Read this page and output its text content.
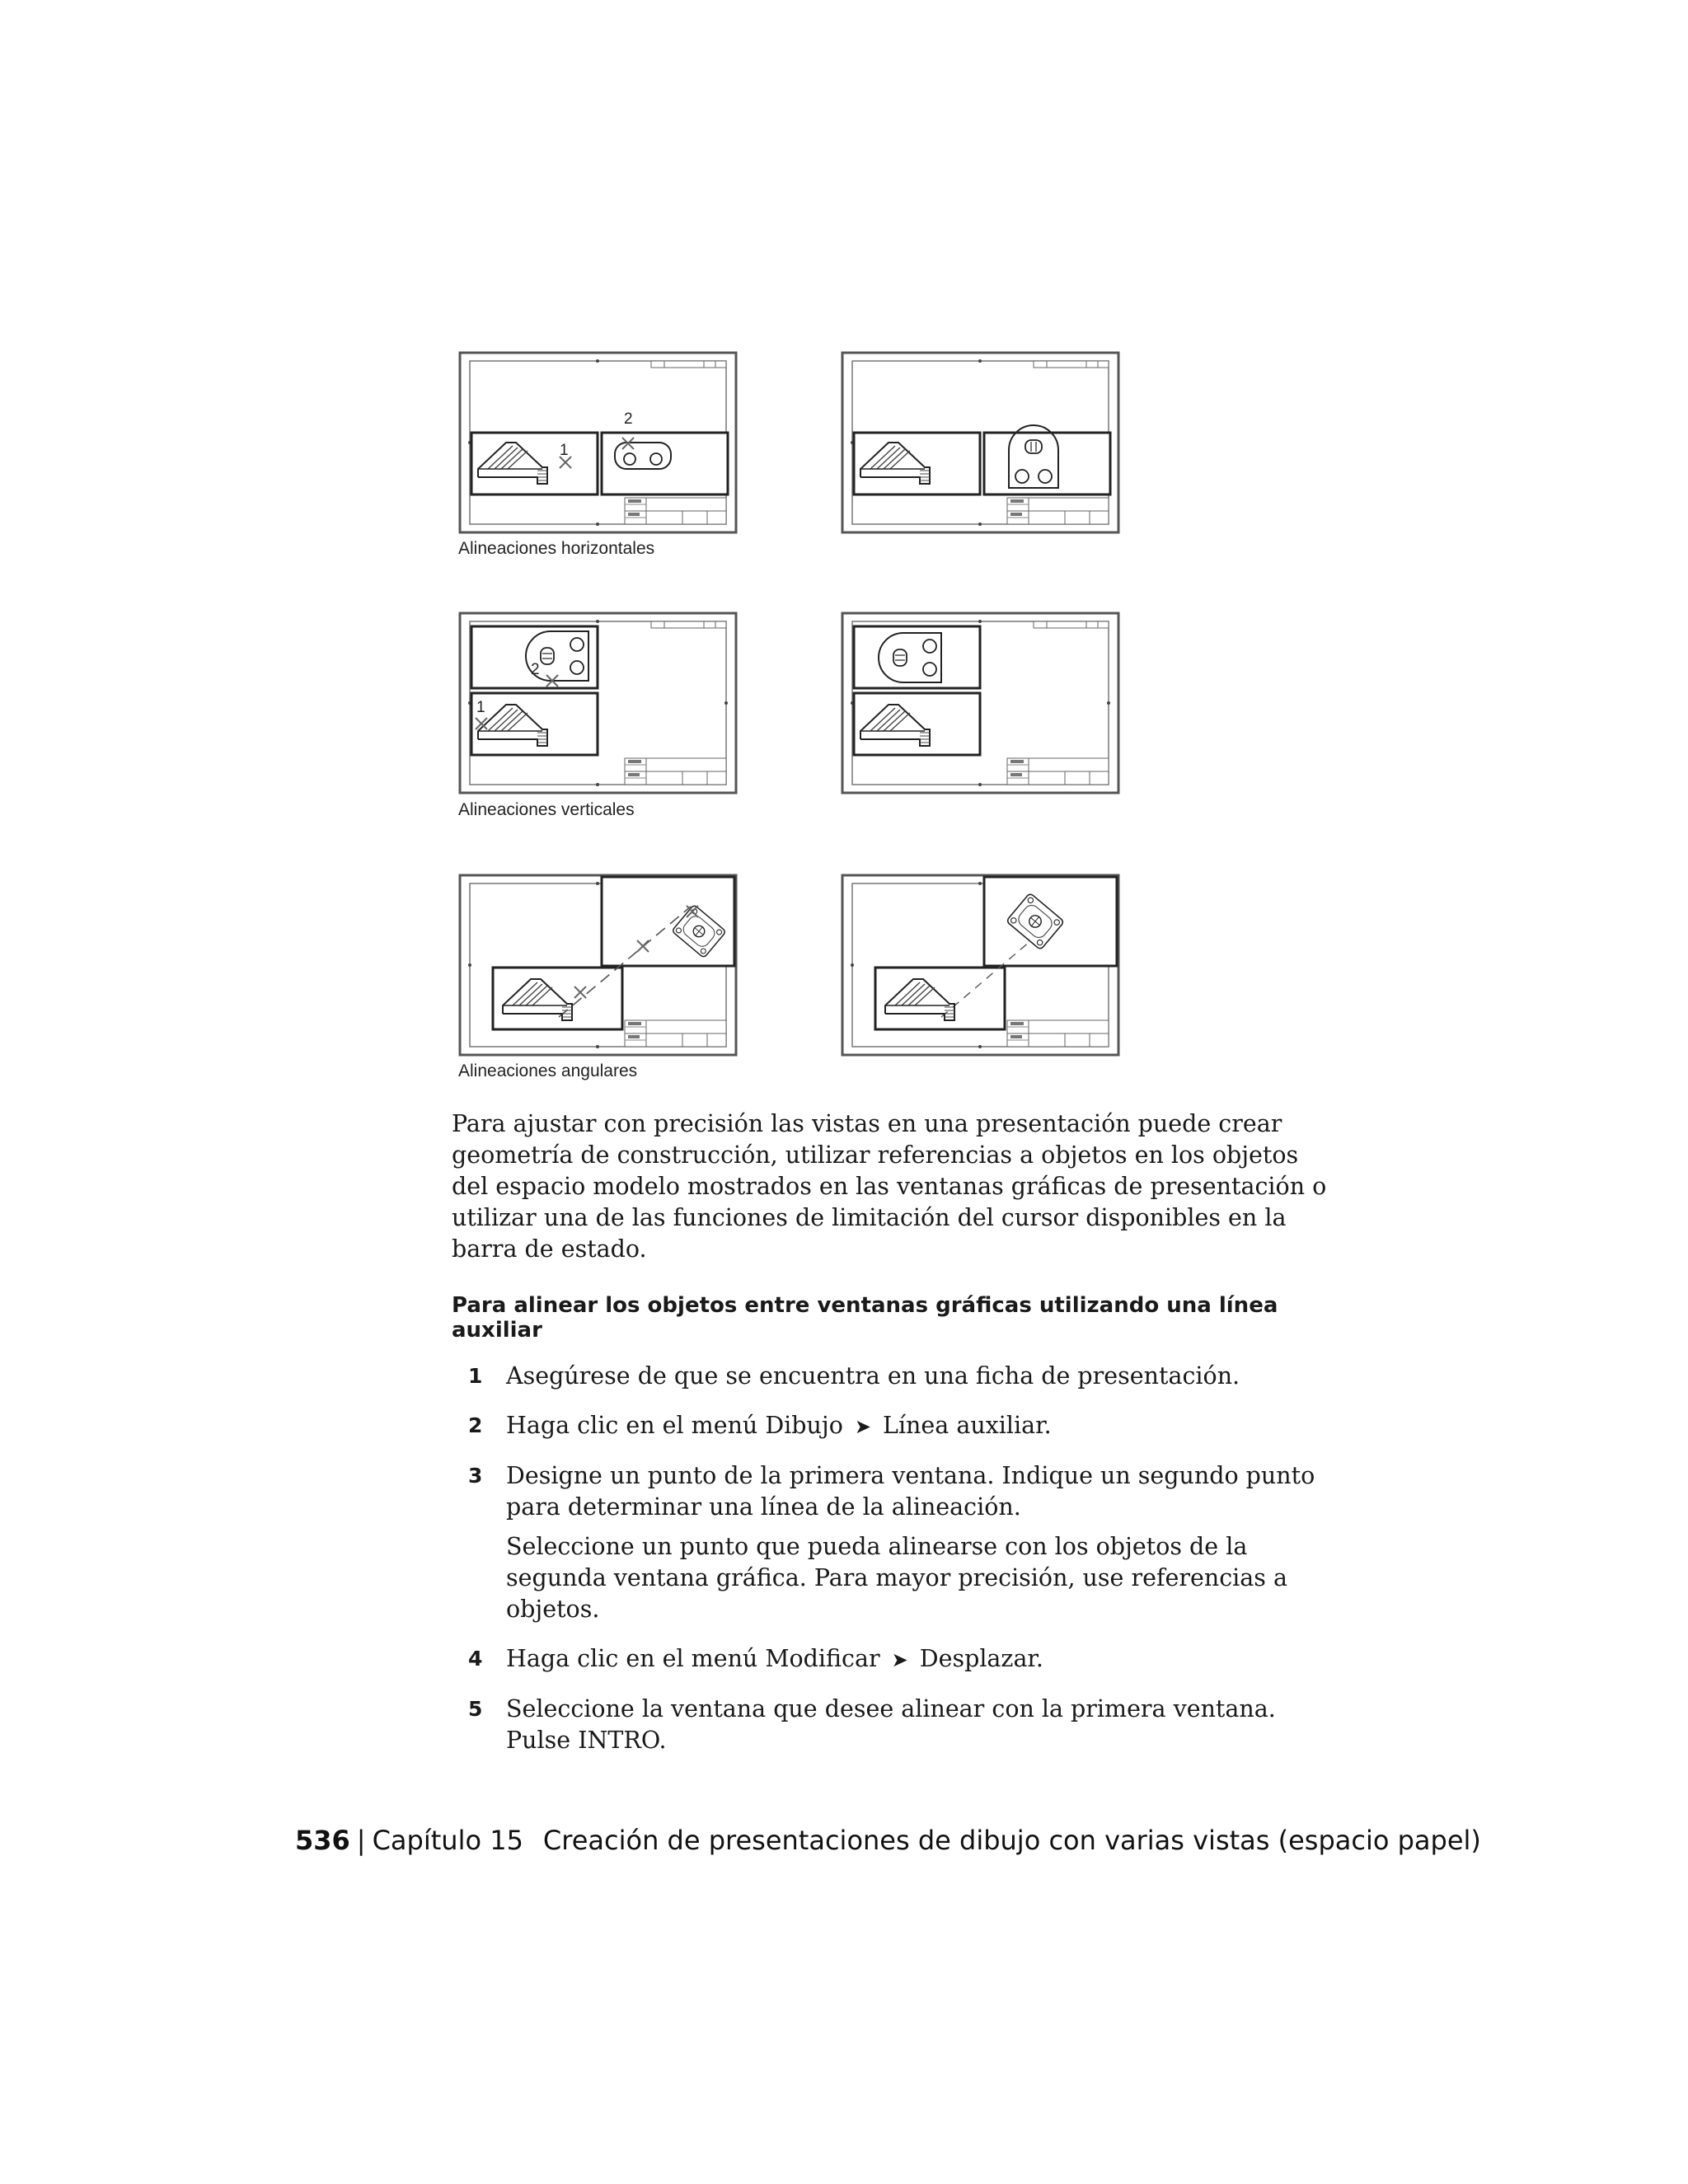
1
2
2
1
Alineaciones horizontales
Alineaciones verticales
Alineaciones angulares

Para ajustar con precisión las vistas en una presentación puede crear geometría de construcción, utilizar referencias a objetos en los objetos del espacio modelo mostrados en las ventanas gráficas de presentación o utilizar una de las funciones de limitación del cursor disponibles en la barra de estado.

Para alinear los objetos entre ventanas gráficas utilizando una línea auxiliar
1 Asegúrese de que se encuentra en una ficha de presentación.
2 Haga clic en el menú Dibujo ➤ Línea auxiliar.
3 Designe un punto de la primera ventana. Indique un segundo punto para determinar una línea de la alineación.
Seleccione un punto que pueda alinearse con los objetos de la segunda ventana gráfica. Para mayor precisión, use referencias a objetos.
4 Haga clic en el menú Modificar ➤ Desplazar.
5 Seleccione la ventana que desee alinear con la primera ventana. Pulse INTRO.
536 | Capítulo 15 Creación de presentaciones de dibujo con varias vistas (espacio papel)
